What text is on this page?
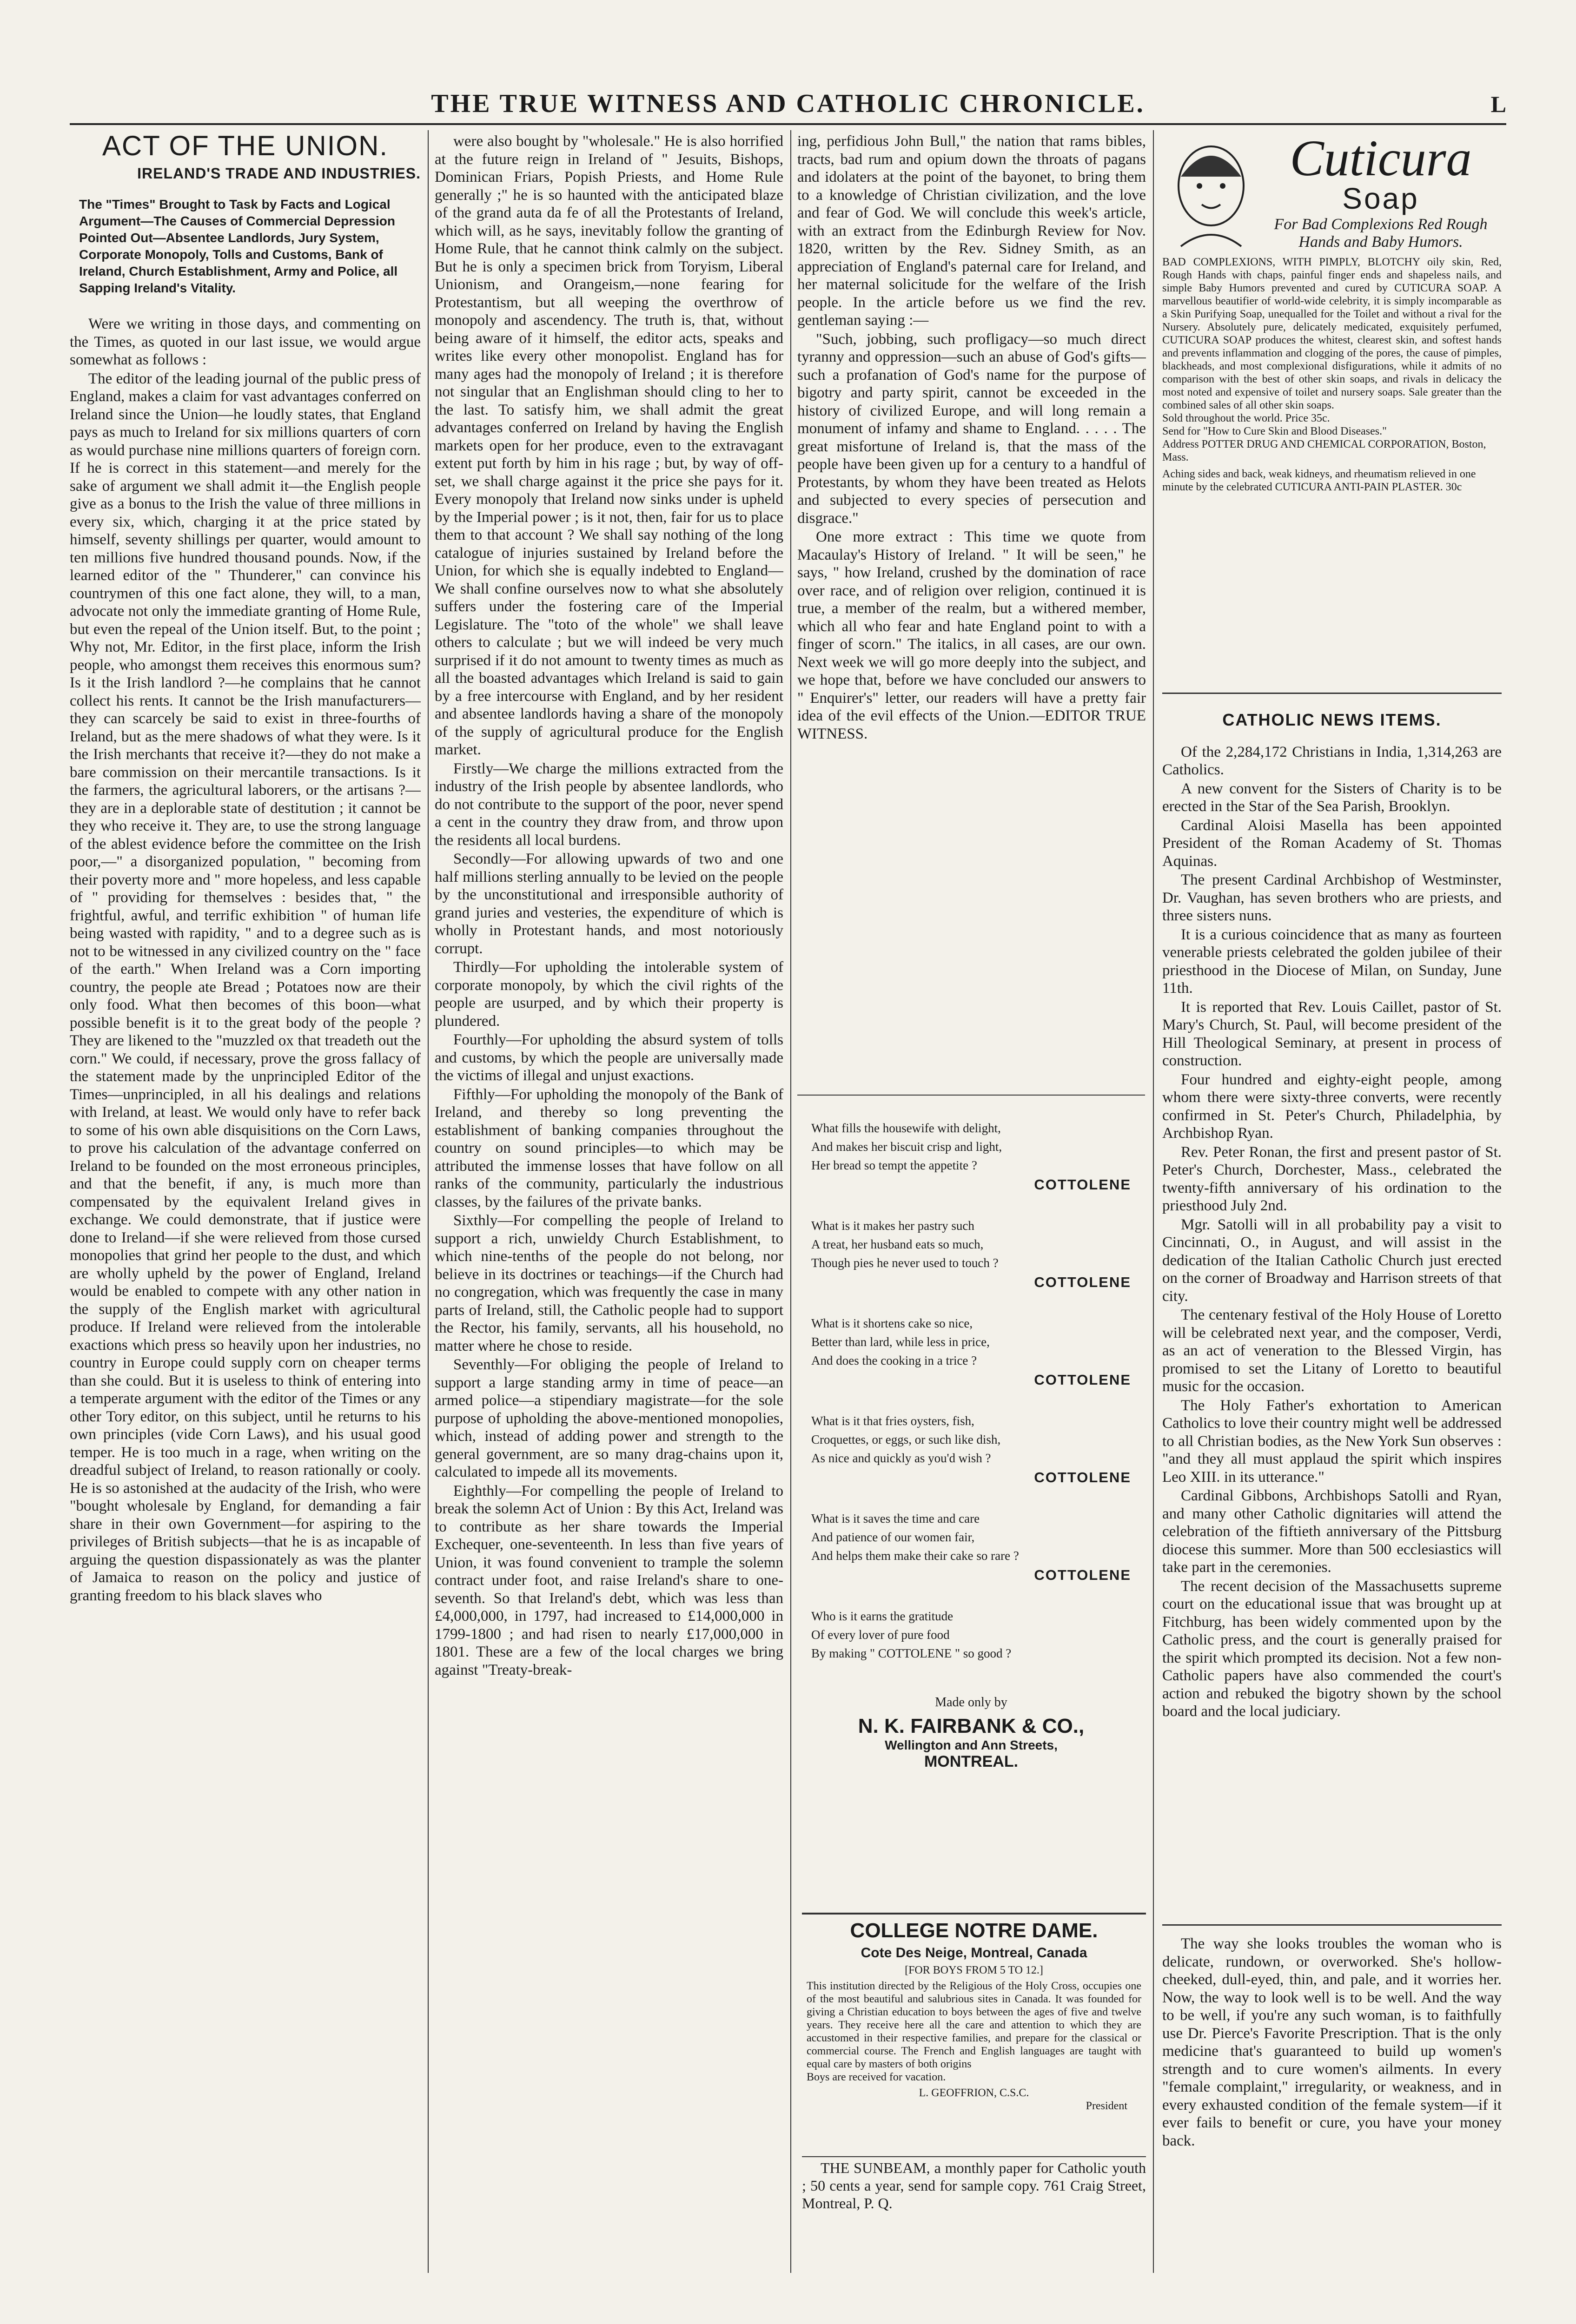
THE TRUE WITNESS AND CATHOLIC CHRONICLE.	L
ACT OF THE UNION.
IRELAND'S TRADE AND INDUSTRIES.
The "Times" Brought to Task by Facts and Logical Argument—The Causes of Commercial Depression Pointed Out—Absentee Landlords, Jury System, Corporate Monopoly, Tolls and Customs, Bank of Ireland, Church Establishment, Army and Police, all Sapping Ireland's Vitality.

Were we writing in those days, and commenting on the Times, as quoted in our last issue, we would argue somewhat as follows :

The editor of the leading journal of the public press of England, makes a claim for vast advantages conferred on Ireland since the Union—he loudly states, that England pays as much to Ireland for six millions quarters of corn as would purchase nine millions quarters of foreign corn. If he is correct in this statement—and merely for the sake of argument we shall admit it—the English people give as a bonus to the Irish the value of three millions in every six, which, charging it at the price stated by himself, seventy shillings per quarter, would amount to ten millions five hundred thousand pounds. Now, if the learned editor of the " Thunderer," can convince his countrymen of this one fact alone, they will, to a man, advocate not only the immediate granting of Home Rule, but even the repeal of the Union itself. But, to the point ; Why not, Mr. Editor, in the first place, inform the Irish people, who amongst them receives this enormous sum? Is it the Irish landlord ?—he complains that he cannot collect his rents. It cannot be the Irish manufacturers—they can scarcely be said to exist in three-fourths of Ireland, but as the mere shadows of what they were. Is it the Irish merchants that receive it?—they do not make a bare commission on their mercantile transactions. Is it the farmers, the agricultural laborers, or the artisans ?—they are in a deplorable state of destitution ; it cannot be they who receive it. They are, to use the strong language of the ablest evidence before the committee on the Irish poor,—" a disorganized population, " becoming from their poverty more and " more hopeless, and less capable of " providing for themselves : besides that, " the frightful, awful, and terrific exhibition " of human life being wasted with rapidity, " and to a degree such as is not to be witnessed in any civilized country on the " face of the earth." When Ireland was a Corn importing country, the people ate Bread ; Potatoes now are their only food. What then becomes of this boon—what possible benefit is it to the great body of the people ? They are likened to the "muzzled ox that treadeth out the corn." We could, if necessary, prove the gross fallacy of the statement made by the unprincipled Editor of the Times—unprincipled, in all his dealings and relations with Ireland, at least. We would only have to refer back to some of his own able disquisitions on the Corn Laws, to prove his calculation of the advantage conferred on Ireland to be founded on the most erroneous principles, and that the benefit, if any, is much more than compensated by the equivalent Ireland gives in exchange. We could demonstrate, that if justice were done to Ireland—if she were relieved from those cursed monopolies that grind her people to the dust, and which are wholly upheld by the power of England, Ireland would be enabled to compete with any other nation in the supply of the English market with agricultural produce. If Ireland were relieved from the intolerable exactions which press so heavily upon her industries, no country in Europe could supply corn on cheaper terms than she could. But it is useless to think of entering into a temperate argument with the editor of the Times or any other Tory editor, on this subject, until he returns to his own principles (vide Corn Laws), and his usual good temper. He is too much in a rage, when writing on the dreadful subject of Ireland, to reason rationally or cooly. He is so astonished at the audacity of the Irish, who were "bought wholesale by England, for demanding a fair share in their own Government—for aspiring to the privileges of British subjects—that he is as incapable of arguing the question dispassionately as was the planter of Jamaica to reason on the policy and justice of granting freedom to his black slaves who

were also bought by "wholesale." He is also horrified at the future reign in Ireland of " Jesuits, Bishops, Dominican Friars, Popish Priests, and Home Rule generally ;" he is so haunted with the anticipated blaze of the grand auta da fe of all the Protestants of Ireland, which will, as he says, inevitably follow the granting of Home Rule, that he cannot think calmly on the subject. But he is only a specimen brick from Toryism, Liberal Unionism, and Orangeism,—none fearing for Protestantism, but all weeping the overthrow of monopoly and ascendency. The truth is, that, without being aware of it himself, the editor acts, speaks and writes like every other monopolist. England has for many ages had the monopoly of Ireland ; it is therefore not singular that an Englishman should cling to her to the last. To satisfy him, we shall admit the great advantages conferred on Ireland by having the English markets open for her produce, even to the extravagant extent put forth by him in his rage ; but, by way of off-set, we shall charge against it the price she pays for it. Every monopoly that Ireland now sinks under is upheld by the Imperial power ; is it not, then, fair for us to place them to that account ? We shall say nothing of the long catalogue of injuries sustained by Ireland before the Union, for which she is equally indebted to England—We shall confine ourselves now to what she absolutely suffers under the fostering care of the Imperial Legislature. The "toto of the whole" we shall leave others to calculate ; but we will indeed be very much surprised if it do not amount to twenty times as much as all the boasted advantages which Ireland is said to gain by a free intercourse with England, and by her resident and absentee landlords having a share of the monopoly of the supply of agricultural produce for the English market.

Firstly—We charge the millions extracted from the industry of the Irish people by absentee landlords, who do not contribute to the support of the poor, never spend a cent in the country they draw from, and throw upon the residents all local burdens.

Secondly—For allowing upwards of two and one half millions sterling annually to be levied on the people by the unconstitutional and irresponsible authority of grand juries and vesteries, the expenditure of which is wholly in Protestant hands, and most notoriously corrupt.

Thirdly—For upholding the intolerable system of corporate monopoly, by which the civil rights of the people are usurped, and by which their property is plundered.

Fourthly—For upholding the absurd system of tolls and customs, by which the people are universally made the victims of illegal and unjust exactions.

Fifthly—For upholding the monopoly of the Bank of Ireland, and thereby so long preventing the establishment of banking companies throughout the country on sound principles—to which may be attributed the immense losses that have follow on all ranks of the community, particularly the industrious classes, by the failures of the private banks.

Sixthly—For compelling the people of Ireland to support a rich, unwieldy Church Establishment, to which nine-tenths of the people do not belong, nor believe in its doctrines or teachings—if the Church had no congregation, which was frequently the case in many parts of Ireland, still, the Catholic people had to support the Rector, his family, servants, all his household, no matter where he chose to reside.

Seventhly—For obliging the people of Ireland to support a large standing army in time of peace—an armed police—a stipendiary magistrate—for the sole purpose of upholding the above-mentioned monopolies, which, instead of adding power and strength to the general government, are so many drag-chains upon it, calculated to impede all its movements.

Eighthly—For compelling the people of Ireland to break the solemn Act of Union : By this Act, Ireland was to contribute as her share towards the Imperial Exchequer, one-seventeenth. In less than five years of Union, it was found convenient to trample the solemn contract under foot, and raise Ireland's share to one-seventh. So that Ireland's debt, which was less than £4,000,000, in 1797, had increased to £14,000,000 in 1799-1800 ; and had risen to nearly £17,000,000 in 1801. These are a few of the local charges we bring against "Treaty-break-

ing, perfidious John Bull," the nation that rams bibles, tracts, bad rum and opium down the throats of pagans and idolaters at the point of the bayonet, to bring them to a knowledge of Christian civilization, and the love and fear of God. We will conclude this week's article, with an extract from the Edinburgh Review for Nov. 1820, written by the Rev. Sidney Smith, as an appreciation of England's paternal care for Ireland, and her maternal solicitude for the welfare of the Irish people. In the article before us we find the rev. gentleman saying :—

"Such, jobbing, such profligacy—so much direct tyranny and oppression—such an abuse of God's gifts—such a profanation of God's name for the purpose of bigotry and party spirit, cannot be exceeded in the history of civilized Europe, and will long remain a monument of infamy and shame to England. . . . . The great misfortune of Ireland is, that the mass of the people have been given up for a century to a handful of Protestants, by whom they have been treated as Helots and subjected to every species of persecution and disgrace."

One more extract : This time we quote from Macaulay's History of Ireland. " It will be seen," he says, " how Ireland, crushed by the domination of race over race, and of religion over religion, continued it is true, a member of the realm, but a withered member, which all who fear and hate England point to with a finger of scorn." The italics, in all cases, are our own. Next week we will go more deeply into the subject, and we hope that, before we have concluded our answers to " Enquirer's" letter, our readers will have a pretty fair idea of the evil effects of the Union.—EDITOR TRUE WITNESS.

What fills the housewife with delight,
And makes her biscuit crisp and light,
Her bread so tempt the appetite ?
COTTOLENE
What is it makes her pastry such
A treat, her husband eats so much,
Though pies he never used to touch ?
COTTOLENE
What is it shortens cake so nice,
Better than lard, while less in price,
And does the cooking in a trice ?
COTTOLENE
What is it that fries oysters, fish,
Croquettes, or eggs, or such like dish,
As nice and quickly as you'd wish ?
COTTOLENE
What is it saves the time and care
And patience of our women fair,
And helps them make their cake so rare ?
COTTOLENE
Who is it earns the gratitude
Of every lover of pure food
By making " COTTOLENE " so good ?
Made only by
N. K. FAIRBANK & CO.,
Wellington and Ann Streets,
MONTREAL.
COLLEGE NOTRE DAME.
Cote Des Neige, Montreal, Canada
[FOR BOYS FROM 5 TO 12.]
This institution directed by the Religious of the Holy Cross, occupies one of the most beautiful and salubrious sites in Canada. It was founded for giving a Christian education to boys between the ages of five and twelve years. They receive here all the care and attention to which they are accustomed in their respective families, and prepare for the classical or commercial course. The French and English languages are taught with equal care by masters of both origins
Boys are received for vacation.
L. GEOFFRION, C.S.C.
President

THE SUNBEAM, a monthly paper for Catholic youth ; 50 cents a year, send for sample copy. 761 Craig Street, Montreal, P. Q.

Cuticura
Soap
For Bad Complexions Red Rough Hands and Baby Humors.
BAD COMPLEXIONS, WITH PIMPLY, BLOTCHY oily skin, Red, Rough Hands with chaps, painful finger ends and shapeless nails, and simple Baby Humors prevented and cured by CUTICURA SOAP. A marvellous beautifier of world-wide celebrity, it is simply incomparable as a Skin Purifying Soap, unequalled for the Toilet and without a rival for the Nursery. Absolutely pure, delicately medicated, exquisitely perfumed, CUTICURA SOAP produces the whitest, clearest skin, and softest hands and prevents inflammation and clogging of the pores, the cause of pimples, blackheads, and most complexional disfigurations, while it admits of no comparison with the best of other skin soaps, and rivals in delicacy the most noted and expensive of toilet and nursery soaps. Sale greater than the combined sales of all other skin soaps.
Sold throughout the world. Price 35c.
Send for "How to Cure Skin and Blood Diseases."
Address POTTER DRUG AND CHEMICAL CORPORATION, Boston, Mass.
Aching sides and back, weak kidneys, and rheumatism relieved in one minute by the celebrated CUTICURA ANTI-PAIN PLASTER. 30c
CATHOLIC NEWS ITEMS.

Of the 2,284,172 Christians in India, 1,314,263 are Catholics.

A new convent for the Sisters of Charity is to be erected in the Star of the Sea Parish, Brooklyn.

Cardinal Aloisi Masella has been appointed President of the Roman Academy of St. Thomas Aquinas.

The present Cardinal Archbishop of Westminster, Dr. Vaughan, has seven brothers who are priests, and three sisters nuns.

It is a curious coincidence that as many as fourteen venerable priests celebrated the golden jubilee of their priesthood in the Diocese of Milan, on Sunday, June 11th.

It is reported that Rev. Louis Caillet, pastor of St. Mary's Church, St. Paul, will become president of the Hill Theological Seminary, at present in process of construction.

Four hundred and eighty-eight people, among whom there were sixty-three converts, were recently confirmed in St. Peter's Church, Philadelphia, by Archbishop Ryan.

Rev. Peter Ronan, the first and present pastor of St. Peter's Church, Dorchester, Mass., celebrated the twenty-fifth anniversary of his ordination to the priesthood July 2nd.

Mgr. Satolli will in all probability pay a visit to Cincinnati, O., in August, and will assist in the dedication of the Italian Catholic Church just erected on the corner of Broadway and Harrison streets of that city.

The centenary festival of the Holy House of Loretto will be celebrated next year, and the composer, Verdi, as an act of veneration to the Blessed Virgin, has promised to set the Litany of Loretto to beautiful music for the occasion.

The Holy Father's exhortation to American Catholics to love their country might well be addressed to all Christian bodies, as the New York Sun observes : "and they all must applaud the spirit which inspires Leo XIII. in its utterance."

Cardinal Gibbons, Archbishops Satolli and Ryan, and many other Catholic dignitaries will attend the celebration of the fiftieth anniversary of the Pittsburg diocese this summer. More than 500 ecclesiastics will take part in the ceremonies.

The recent decision of the Massachusetts supreme court on the educational issue that was brought up at Fitchburg, has been widely commented upon by the Catholic press, and the court is generally praised for the spirit which prompted its decision. Not a few non-Catholic papers have also commended the court's action and rebuked the bigotry shown by the school board and the local judiciary.

The way she looks troubles the woman who is delicate, rundown, or overworked. She's hollow-cheeked, dull-eyed, thin, and pale, and it worries her. Now, the way to look well is to be well. And the way to be well, if you're any such woman, is to faithfully use Dr. Pierce's Favorite Prescription. That is the only medicine that's guaranteed to build up women's strength and to cure women's ailments. In every "female complaint," irregularity, or weakness, and in every exhausted condition of the female system—if it ever fails to benefit or cure, you have your money back.
